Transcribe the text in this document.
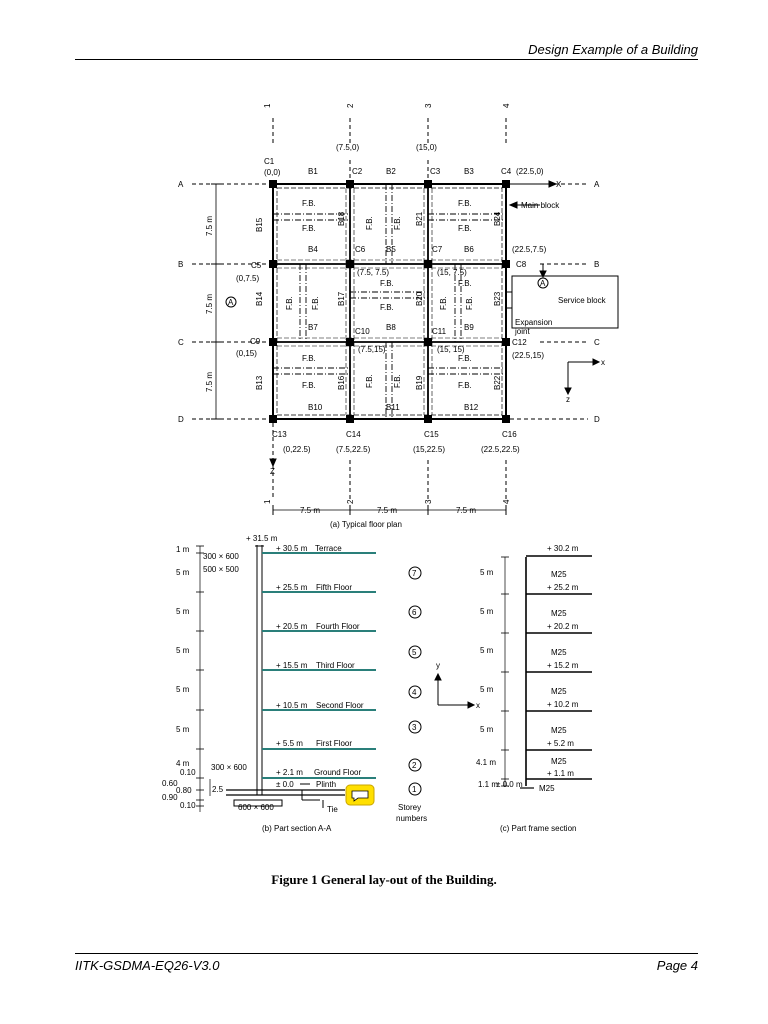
Design Example of a Building
1	2	3	4
1	2	3	4
A
B
C
D
A
B
C
D
(7.5,0)	(15,0)
C1
(0,0)	C2	C3	C4 (22.5,0)
C5
(0,7.5)
C6	C7
C8
(22.5,7.5)
(7.5, 7.5)	(15, 7.5)
C9
(0,15)
C10	C11
C12
(22.5,15)
(7.5,15)	(15, 15)
C13
(0,22.5)
C14
(7.5,22.5)
C15
(15,22.5)
C16
(22.5,22.5)
B1	B2	B3
B4	B5	B6
B7	B8	B9
B10	B11	B12
B13
B14
B15
B16
B17
B18
B19
B20
B21
B22
B23
B24
F.B.
F.B.
F.B.
F.B.
F.B. F.B.
F.B.
F.B.
F.B. F.B.	F.B. F.B.
F.B.
F.B.
F.B.
F.B.
F.B.
F.B. F.B.
X
Z
x
z
Main block
Service block
Expansion
joint
A
A
7.5 m
7.5 m
7.5 m
7.5 m	7.5 m	7.5 m
(a) Typical floor plan
+ 31.5 m
+ 30.5 m Terrace
+ 25.5 m Fifth Floor
+ 20.5 m Fourth Floor
+ 15.5 m Third Floor
+ 10.5 m Second Floor
+ 5.5 m First Floor
+ 2.1 m Ground Floor
± 0.0	Plinth
1 m
5 m
5 m
5 m
5 m
5 m
4 m
0.10
0.60
0.80
0.90
0.10
2.5
300 × 600
500 × 500
300 × 600
600 × 600	Tie
x
y
(b) Part section A-A
7
6
5
4
3
2
1
Storey
numbers
+ 30.2 m
M25
+ 25.2 m
M25
+ 20.2 m
M25
+ 15.2 m
M25
+ 10.2 m
M25
+ 5.2 m
M25
+ 1.1 m
M25
5 m
5 m
5 m
5 m
5 m
4.1 m
1.1 m
± 0.0 m
(c) Part frame section
Figure 1 General lay-out of the Building.
IITK-GSDMA-EQ26-V3.0	Page 4
